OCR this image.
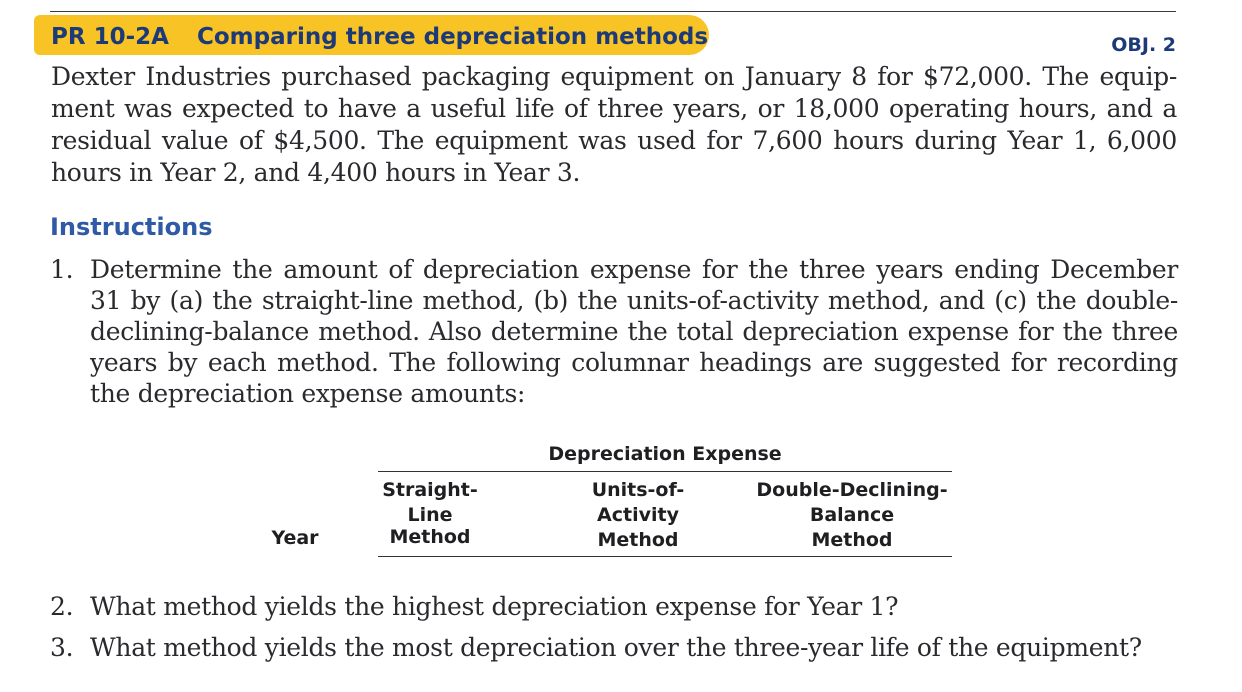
PR 10-2A Comparing three depreciation methods	OBJ. 2
Dexter Industries purchased packaging equipment on January 8 for $72,000. The equip-ment was expected to have a useful life of three years, or 18,000 operating hours, and a residual value of $4,500. The equipment was used for 7,600 hours during Year 1, 6,000 hours in Year 2, and 4,400 hours in Year 3.
Instructions
1. Determine the amount of depreciation expense for the three years ending December 31 by (a) the straight-line method, (b) the units-of-activity method, and (c) the double-declining-balance method. Also determine the total depreciation expense for the three years by each method. The following columnar headings are suggested for recording the depreciation expense amounts:
Depreciation Expense
Year
Straight-
Line
Method
Units-of-
Activity
Method
Double-Declining-
Balance
Method
2. What method yields the highest depreciation expense for Year 1?
3. What method yields the most depreciation over the three-year life of the equipment?
